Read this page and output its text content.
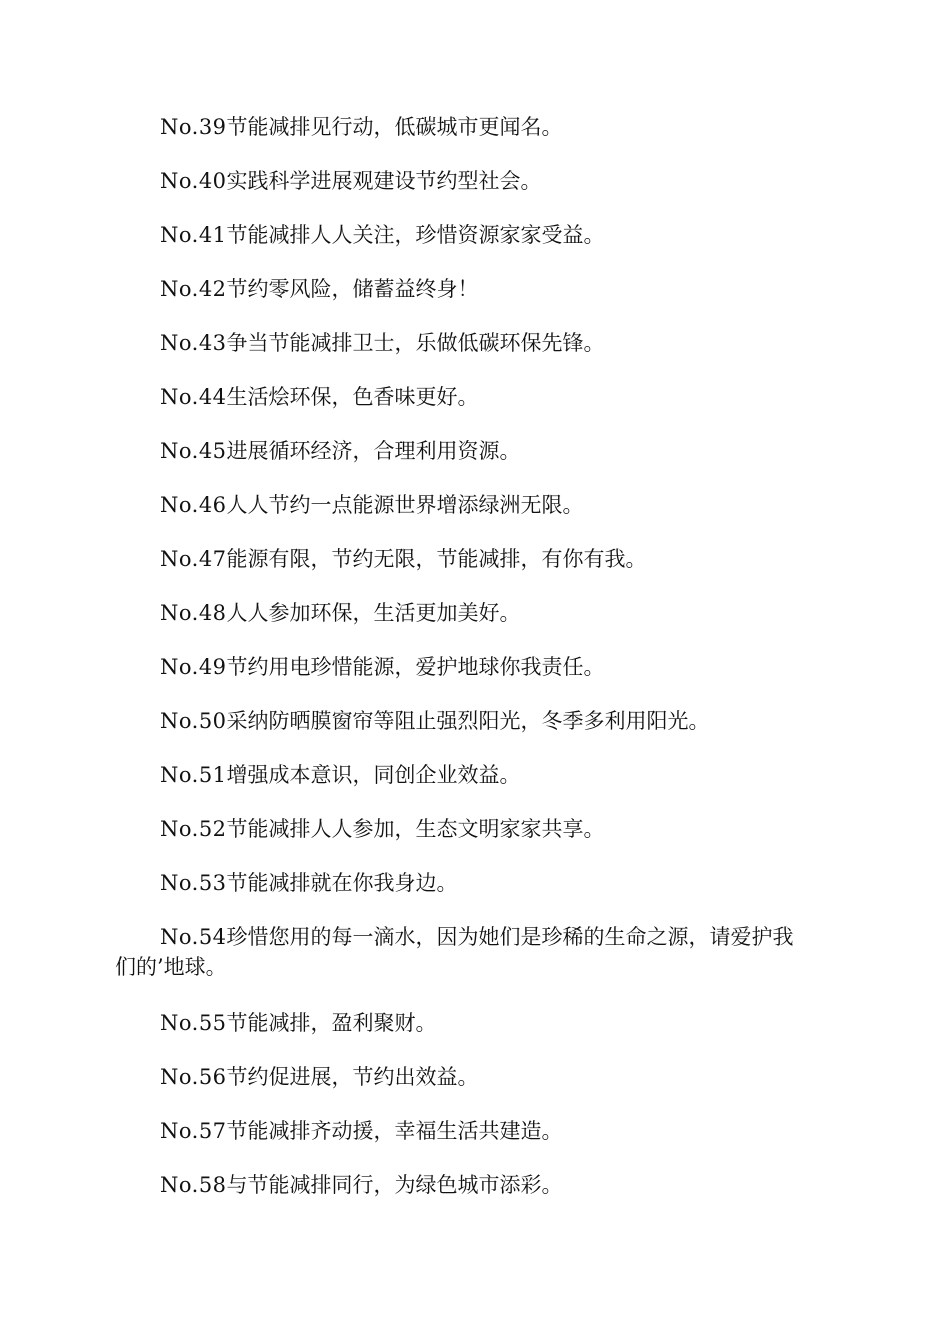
No.39节能减排见行动，低碳城市更闻名。

No.40实践科学进展观建设节约型社会。

No.41节能减排人人关注，珍惜资源家家受益。

No.42节约零风险，储蓄益终身！

No.43争当节能减排卫士，乐做低碳环保先锋。

No.44生活烩环保，色香味更好。

No.45进展循环经济，合理利用资源。

No.46人人节约一点能源世界增添绿洲无限。

No.47能源有限，节约无限，节能减排，有你有我。

No.48人人参加环保，生活更加美好。

No.49节约用电珍惜能源，爱护地球你我责任。

No.50采纳防晒膜窗帘等阻止强烈阳光，冬季多利用阳光。

No.51增强成本意识，同创企业效益。

No.52节能减排人人参加，生态文明家家共享。

No.53节能减排就在你我身边。

No.54珍惜您用的每一滴水，因为她们是珍稀的生命之源，请爱护我
们的’地球。

No.55节能减排，盈利聚财。

No.56节约促进展，节约出效益。

No.57节能减排齐动援，幸福生活共建造。

No.58与节能减排同行，为绿色城市添彩。
